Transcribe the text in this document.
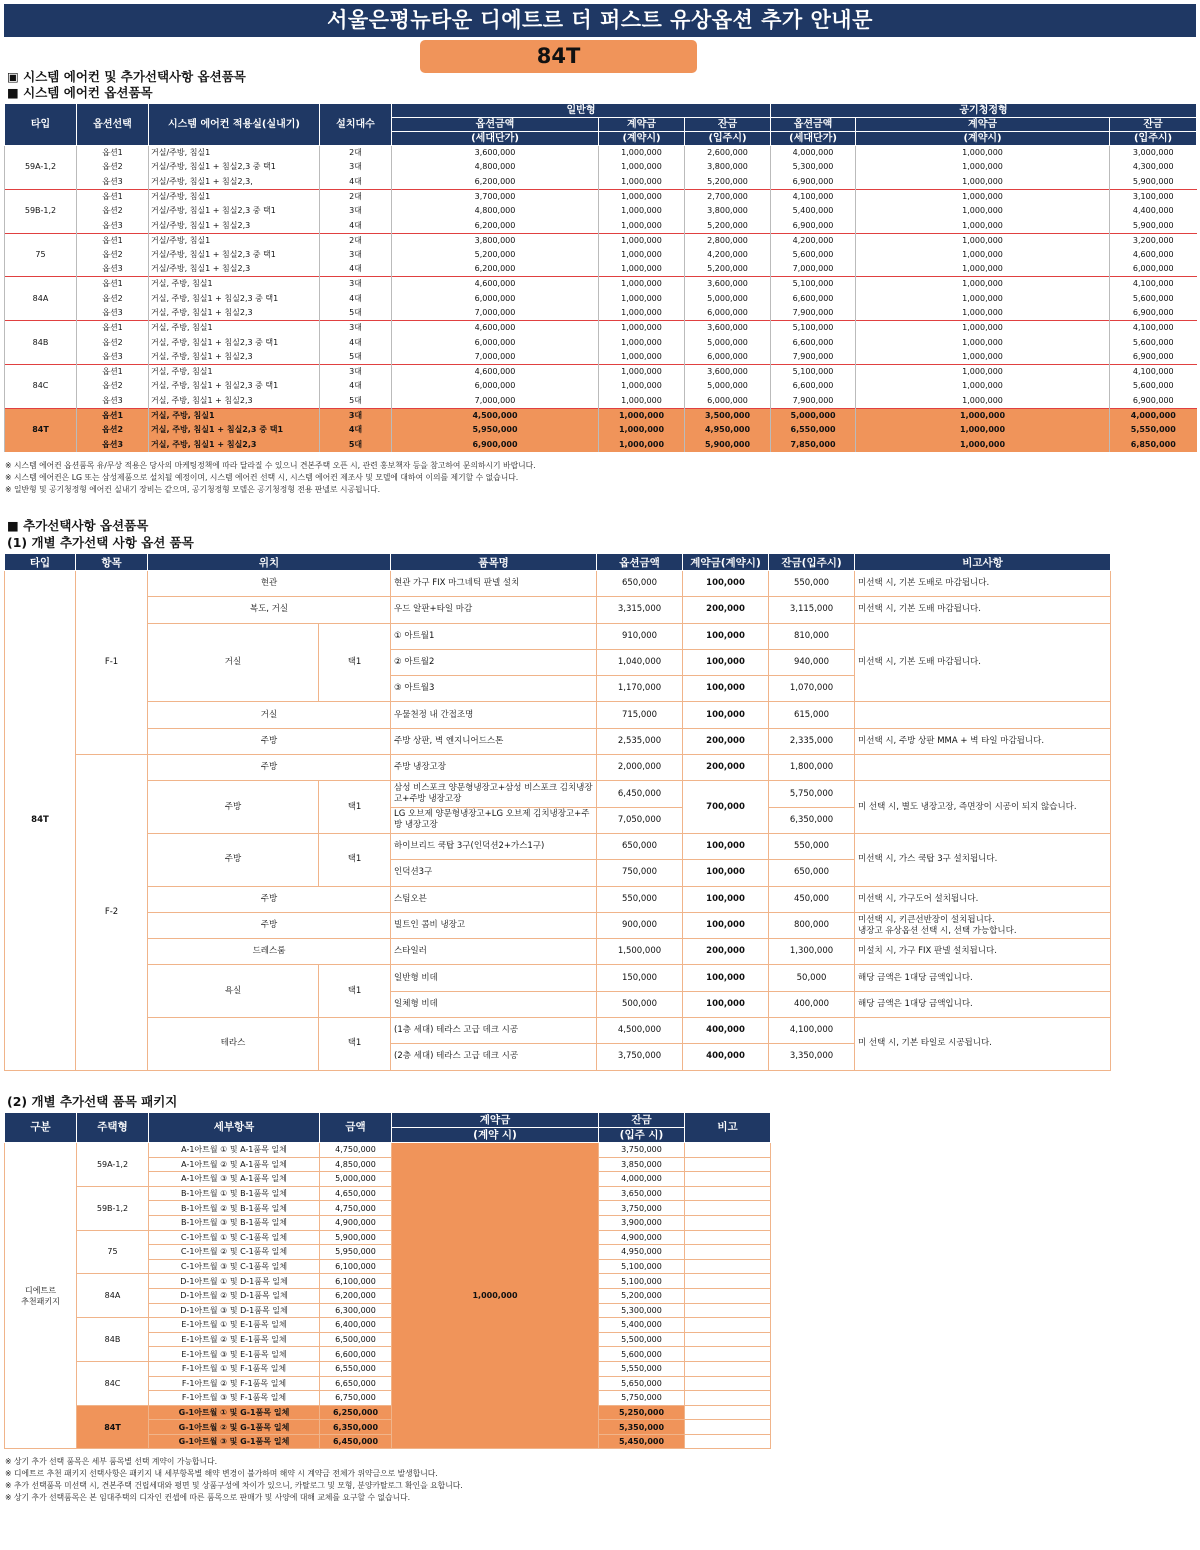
서울은평뉴타운 디에트르 더 퍼스트 유상옵션 추가 안내문
84T
▣ 시스템 에어컨 및 추가선택사항 옵션품목
■ 시스템 에어컨 옵션품목
타입	옵션선택	시스템 에어컨 적용실(실내기)	설치대수	일반형			공기청정형		
				옵션금액	계약금	잔금	옵션금액	계약금	잔금
				(세대단가)	(계약시)	(입주시)	(세대단가)	(계약시)	(입주시)
59A-1,2	옵션1	거실/주방, 침실1	2대	3,600,000	1,000,000	2,600,000	4,000,000	1,000,000	3,000,000
	옵션2	거실/주방, 침실1 + 침실2,3 중 택1	3대	4,800,000	1,000,000	3,800,000	5,300,000	1,000,000	4,300,000
	옵션3	거실/주방, 침실1 + 침실2,3,	4대	6,200,000	1,000,000	5,200,000	6,900,000	1,000,000	5,900,000
59B-1,2	옵션1	거실/주방, 침실1	2대	3,700,000	1,000,000	2,700,000	4,100,000	1,000,000	3,100,000
	옵션2	거실/주방, 침실1 + 침실2,3 중 택1	3대	4,800,000	1,000,000	3,800,000	5,400,000	1,000,000	4,400,000
	옵션3	거실/주방, 침실1 + 침실2,3	4대	6,200,000	1,000,000	5,200,000	6,900,000	1,000,000	5,900,000
75	옵션1	거실/주방, 침실1	2대	3,800,000	1,000,000	2,800,000	4,200,000	1,000,000	3,200,000
	옵션2	거실/주방, 침실1 + 침실2,3 중 택1	3대	5,200,000	1,000,000	4,200,000	5,600,000	1,000,000	4,600,000
	옵션3	거실/주방, 침실1 + 침실2,3	4대	6,200,000	1,000,000	5,200,000	7,000,000	1,000,000	6,000,000
84A	옵션1	거실, 주방, 침실1	3대	4,600,000	1,000,000	3,600,000	5,100,000	1,000,000	4,100,000
	옵션2	거실, 주방, 침실1 + 침실2,3 중 택1	4대	6,000,000	1,000,000	5,000,000	6,600,000	1,000,000	5,600,000
	옵션3	거실, 주방, 침실1 + 침실2,3	5대	7,000,000	1,000,000	6,000,000	7,900,000	1,000,000	6,900,000
84B	옵션1	거실, 주방, 침실1	3대	4,600,000	1,000,000	3,600,000	5,100,000	1,000,000	4,100,000
	옵션2	거실, 주방, 침실1 + 침실2,3 중 택1	4대	6,000,000	1,000,000	5,000,000	6,600,000	1,000,000	5,600,000
	옵션3	거실, 주방, 침실1 + 침실2,3	5대	7,000,000	1,000,000	6,000,000	7,900,000	1,000,000	6,900,000
84C	옵션1	거실, 주방, 침실1	3대	4,600,000	1,000,000	3,600,000	5,100,000	1,000,000	4,100,000
	옵션2	거실, 주방, 침실1 + 침실2,3 중 택1	4대	6,000,000	1,000,000	5,000,000	6,600,000	1,000,000	5,600,000
	옵션3	거실, 주방, 침실1 + 침실2,3	5대	7,000,000	1,000,000	6,000,000	7,900,000	1,000,000	6,900,000
84T	옵션1	거실, 주방, 침실1	3대	4,500,000	1,000,000	3,500,000	5,000,000	1,000,000	4,000,000
	옵션2	거실, 주방, 침실1 + 침실2,3 중 택1	4대	5,950,000	1,000,000	4,950,000	6,550,000	1,000,000	5,550,000
	옵션3	거실, 주방, 침실1 + 침실2,3	5대	6,900,000	1,000,000	5,900,000	7,850,000	1,000,000	6,850,000
※ 시스템 에어컨 옵션품목 유/무상 적용은 당사의 마케팅정책에 따라 달라질 수 있으니 견본주택 오픈 시, 관련 홍보책자 등을 참고하여 문의하시기 바랍니다.
※ 시스템 에어컨은 LG 또는 삼성제품으로 설치될 예정이며, 시스템 에어컨 선택 시, 시스템 에어컨 제조사 및 모델에 대하여 이의를 제기할 수 없습니다.
※ 일반형 및 공기청정형 에어컨 실내기 장비는 같으며, 공기청정형 모델은 공기청정형 전용 판넬로 시공됩니다.
■ 추가선택사항 옵션품목
(1) 개별 추가선택 사항 옵션 품목
타입	항목	위치		품목명	옵션금액	계약금(계약시)	잔금(입주시)	비고사항
84T	F-1	현관		현관 가구 FIX 마그네틱 판넬 설치	650,000	100,000	550,000	미선택 시, 기본 도배로 마감됩니다.
		복도, 거실		우드 알판+타일 마감	3,315,000	200,000	3,115,000	미선택 시, 기본 도배 마감됩니다.
		거실	택1	① 아트월1	910,000	100,000	810,000	미선택 시, 기본 도배 마감됩니다.
				② 아트월2	1,040,000	100,000	940,000	
				③ 아트월3	1,170,000	100,000	1,070,000	
		거실		우물천정 내 간접조명	715,000	100,000	615,000	
		주방		주방 상판, 벽 엔지니어드스톤	2,535,000	200,000	2,335,000	미선택 시, 주방 상판 MMA + 벽 타일 마감됩니다.
	F-2	주방		주방 냉장고장	2,000,000	200,000	1,800,000	
		주방	택1	삼성 비스포크 양문형냉장고+삼성 비스포크 김치냉장고+주방 냉장고장	6,450,000	700,000	5,750,000	미 선택 시, 별도 냉장고장, 즉면장이 시공이 되지 않습니다.
				LG 오브제 양문형냉장고+LG 오브제 김치냉장고+주방 냉장고장	7,050,000		6,350,000	
		주방	택1	하이브리드 쿡탑 3구(인덕션2+가스1구)	650,000	100,000	550,000	미선택 시, 가스 쿡탑 3구 설치됩니다.
				인덕션3구	750,000	100,000	650,000	
		주방		스팀오븐	550,000	100,000	450,000	미선택 시, 가구도어 설치됩니다.
		주방		빌트인 콤비 냉장고	900,000	100,000	800,000	미선택 시, 키큰선반장이 설치됩니다.
냉장고 유상옵션 선택 시, 선택 가능합니다.
		드레스룸		스타일러	1,500,000	200,000	1,300,000	미설치 시, 가구 FIX 판넬 설치됩니다.
		욕실	택1	일반형 비데	150,000	100,000	50,000	해당 금액은 1대당 금액입니다.
				일체형 비데	500,000	100,000	400,000	해당 금액은 1대당 금액입니다.
		테라스	택1	(1층 세대) 테라스 고급 데크 시공	4,500,000	400,000	4,100,000	미 선택 시, 기본 타일로 시공됩니다.
				(2층 세대) 테라스 고급 데크 시공	3,750,000	400,000	3,350,000	
(2) 개별 추가선택 품목 패키지
구분	주택형	세부항목	금액	계약금	잔금	비고
				(계약 시)	(입주 시)	
디에트르
추천패키지	59A-1,2	A-1아트월 ① 및 A-1품목 일체	4,750,000	1,000,000	3,750,000	
		A-1아트월 ② 및 A-1품목 일체	4,850,000		3,850,000	
		A-1아트월 ③ 및 A-1품목 일체	5,000,000		4,000,000	
	59B-1,2	B-1아트월 ① 및 B-1품목 일체	4,650,000		3,650,000	
		B-1아트월 ② 및 B-1품목 일체	4,750,000		3,750,000	
		B-1아트월 ③ 및 B-1품목 일체	4,900,000		3,900,000	
	75	C-1아트월 ① 및 C-1품목 일체	5,900,000		4,900,000	
		C-1아트월 ② 및 C-1품목 일체	5,950,000		4,950,000	
		C-1아트월 ③ 및 C-1품목 일체	6,100,000		5,100,000	
	84A	D-1아트월 ① 및 D-1품목 일체	6,100,000		5,100,000	
		D-1아트월 ② 및 D-1품목 일체	6,200,000		5,200,000	
		D-1아트월 ③ 및 D-1품목 일체	6,300,000		5,300,000	
	84B	E-1아트월 ① 및 E-1품목 일체	6,400,000		5,400,000	
		E-1아트월 ② 및 E-1품목 일체	6,500,000		5,500,000	
		E-1아트월 ③ 및 E-1품목 일체	6,600,000		5,600,000	
	84C	F-1아트월 ① 및 F-1품목 일체	6,550,000		5,550,000	
		F-1아트월 ② 및 F-1품목 일체	6,650,000		5,650,000	
		F-1아트월 ③ 및 F-1품목 일체	6,750,000		5,750,000	
	84T	G-1아트월 ① 및 G-1품목 일체	6,250,000		5,250,000	
		G-1아트월 ② 및 G-1품목 일체	6,350,000		5,350,000	
		G-1아트월 ③ 및 G-1품목 일체	6,450,000		5,450,000	
※ 상기 추가 선택 품목은 세부 품목별 선택 계약이 가능합니다.
※ 디에트르 추천 패키지 선택사항은 패키지 내 세부항목별 해약 변경이 불가하며 해약 시 계약금 전체가 위약금으로 발생합니다.
※ 추가 선택품목 미선택 시, 견본주택 건립세대와 평면 및 상품구성에 차이가 있으니, 카탈로그 및 모형, 분양카탈로그 확인을 요합니다.
※ 상기 추가 선택품목은 본 임대주택의 디자인 컨셉에 따른 품목으로 판매가 및 사양에 대해 교체를 요구할 수 없습니다.
